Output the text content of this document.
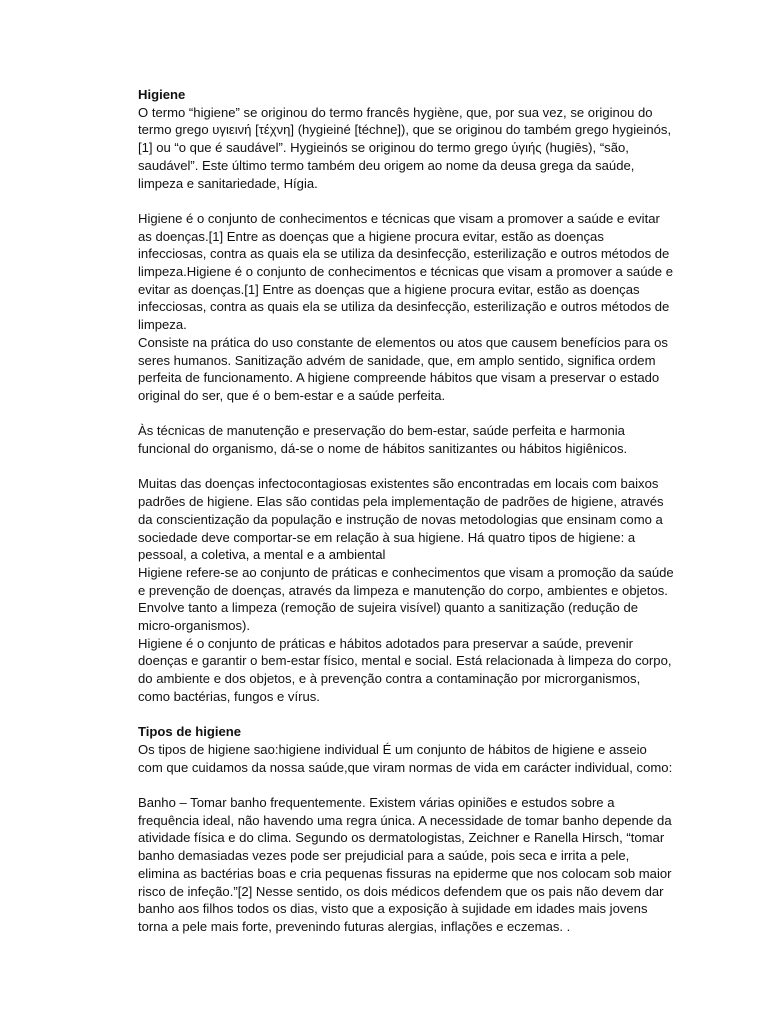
Higiene

O termo “higiene” se originou do termo francês hygiène, que, por sua vez, se originou do termo grego υγιεινή [τέχνη] (hygieiné [téchne]), que se originou do também grego hygieinós,[1] ou “o que é saudável”. Hygieinós se originou do termo grego ὑγιής (hugiēs), “são, saudável”. Este último termo também deu origem ao nome da deusa grega da saúde, limpeza e sanitariedade, Hígia.

Higiene é o conjunto de conhecimentos e técnicas que visam a promover a saúde e evitar as doenças.[1] Entre as doenças que a higiene procura evitar, estão as doenças infecciosas, contra as quais ela se utiliza da desinfecção, esterilização e outros métodos de limpeza.Higiene é o conjunto de conhecimentos e técnicas que visam a promover a saúde e evitar as doenças.[1] Entre as doenças que a higiene procura evitar, estão as doenças infecciosas, contra as quais ela se utiliza da desinfecção, esterilização e outros métodos de limpeza.

Consiste na prática do uso constante de elementos ou atos que causem benefícios para os seres humanos. Sanitização advém de sanidade, que, em amplo sentido, significa ordem perfeita de funcionamento. A higiene compreende hábitos que visam a preservar o estado original do ser, que é o bem-estar e a saúde perfeita.

Às técnicas de manutenção e preservação do bem-estar, saúde perfeita e harmonia funcional do organismo, dá-se o nome de hábitos sanitizantes ou hábitos higiênicos.

Muitas das doenças infectocontagiosas existentes são encontradas em locais com baixos padrões de higiene. Elas são contidas pela implementação de padrões de higiene, através da conscientização da população e instrução de novas metodologias que ensinam como a sociedade deve comportar-se em relação à sua higiene. Há quatro tipos de higiene: a pessoal, a coletiva, a mental e a ambiental

Higiene refere-se ao conjunto de práticas e conhecimentos que visam a promoção da saúde e prevenção de doenças, através da limpeza e manutenção do corpo, ambientes e objetos. Envolve tanto a limpeza (remoção de sujeira visível) quanto a sanitização (redução de micro-organismos).

Higiene é o conjunto de práticas e hábitos adotados para preservar a saúde, prevenir doenças e garantir o bem-estar físico, mental e social. Está relacionada à limpeza do corpo, do ambiente e dos objetos, e à prevenção contra a contaminação por microrganismos, como bactérias, fungos e vírus.

Tipos de higiene

Os tipos de higiene sao:higiene individual É um conjunto de hábitos de higiene e asseio com que cuidamos da nossa saúde,que viram normas de vida em carácter individual, como:

Banho – Tomar banho frequentemente. Existem várias opiniões e estudos sobre a frequência ideal, não havendo uma regra única. A necessidade de tomar banho depende da atividade física e do clima. Segundo os dermatologistas, Zeichner e Ranella Hirsch, “tomar banho demasiadas vezes pode ser prejudicial para a saúde, pois seca e irrita a pele, elimina as bactérias boas e cria pequenas fissuras na epiderme que nos colocam sob maior risco de infeção.”[2] Nesse sentido, os dois médicos defendem que os pais não devem dar banho aos filhos todos os dias, visto que a exposição à sujidade em idades mais jovens torna a pele mais forte, prevenindo futuras alergias, inflações e eczemas. .
